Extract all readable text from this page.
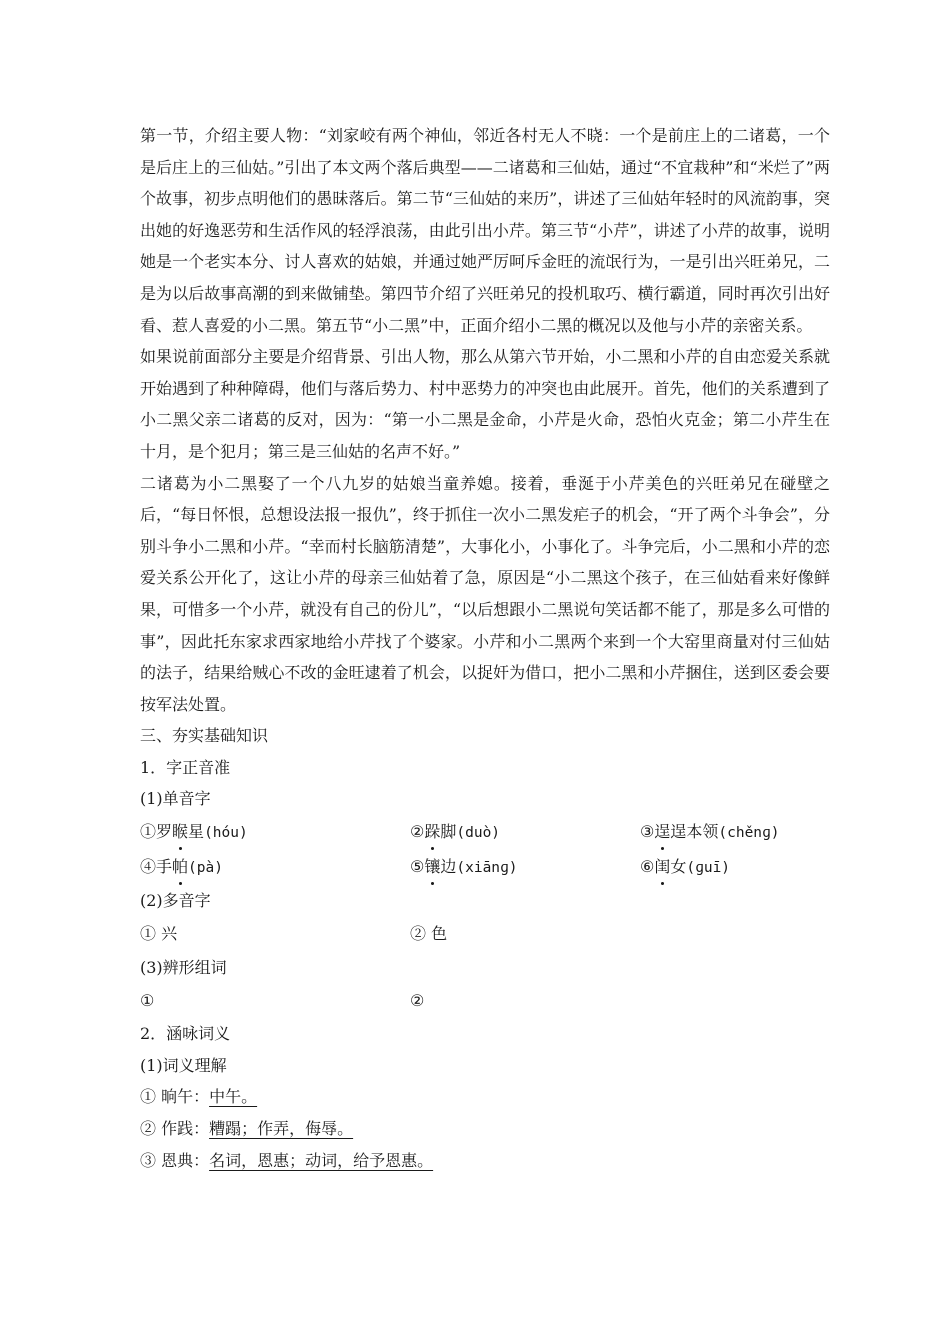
第一节，介绍主要人物：“刘家峧有两个神仙，邻近各村无人不晓：一个是前庄上的二诸葛，一个是后庄上的三仙姑。”引出了本文两个落后典型——二诸葛和三仙姑，通过“不宜栽种”和“米烂了”两个故事，初步点明他们的愚昧落后。第二节“三仙姑的来历”，讲述了三仙姑年轻时的风流韵事，突出她的好逸恶劳和生活作风的轻浮浪荡，由此引出小芹。第三节“小芹”，讲述了小芹的故事，说明她是一个老实本分、讨人喜欢的姑娘，并通过她严厉呵斥金旺的流氓行为，一是引出兴旺弟兄，二是为以后故事高潮的到来做铺垫。第四节介绍了兴旺弟兄的投机取巧、横行霸道，同时再次引出好看、惹人喜爱的小二黑。第五节“小二黑”中，正面介绍小二黑的概况以及他与小芹的亲密关系。

如果说前面部分主要是介绍背景、引出人物，那么从第六节开始，小二黑和小芹的自由恋爱关系就开始遇到了种种障碍，他们与落后势力、村中恶势力的冲突也由此展开。首先，他们的关系遭到了小二黑父亲二诸葛的反对，因为：“第一小二黑是金命，小芹是火命，恐怕火克金；第二小芹生在十月，是个犯月；第三是三仙姑的名声不好。”

二诸葛为小二黑娶了一个八九岁的姑娘当童养媳。接着，垂涎于小芹美色的兴旺弟兄在碰壁之后，“每日怀恨，总想设法报一报仇”，终于抓住一次小二黑发疟子的机会，“开了两个斗争会”，分别斗争小二黑和小芹。“幸而村长脑筋清楚”，大事化小，小事化了。斗争完后，小二黑和小芹的恋爱关系公开化了，这让小芹的母亲三仙姑着了急，原因是“小二黑这个孩子，在三仙姑看来好像鲜果，可惜多一个小芹，就没有自己的份儿”，“以后想跟小二黑说句笑话都不能了，那是多么可惜的事”，因此托东家求西家地给小芹找了个婆家。小芹和小二黑两个来到一个大窑里商量对付三仙姑的法子，结果给贼心不改的金旺逮着了机会，以捉奸为借口，把小二黑和小芹捆住，送到区委会要按军法处置。

三、夯实基础知识

1．字正音准

(1)单音字

①罗睺星(hóu)	②跺脚(duò)	③逞逞本领(chěnɡ)
④手帕(pà)	⑤镶边(xiānɡ)	⑥闺女(ɡuī)

(2)多音字

① 兴	② 色

(3)辨形组词

①	②

2．涵咏词义

(1)词义理解

① 晌午：中午。

② 作践：糟蹋；作弄，侮辱。

③ 恩典：名词，恩惠；动词，给予恩惠。
